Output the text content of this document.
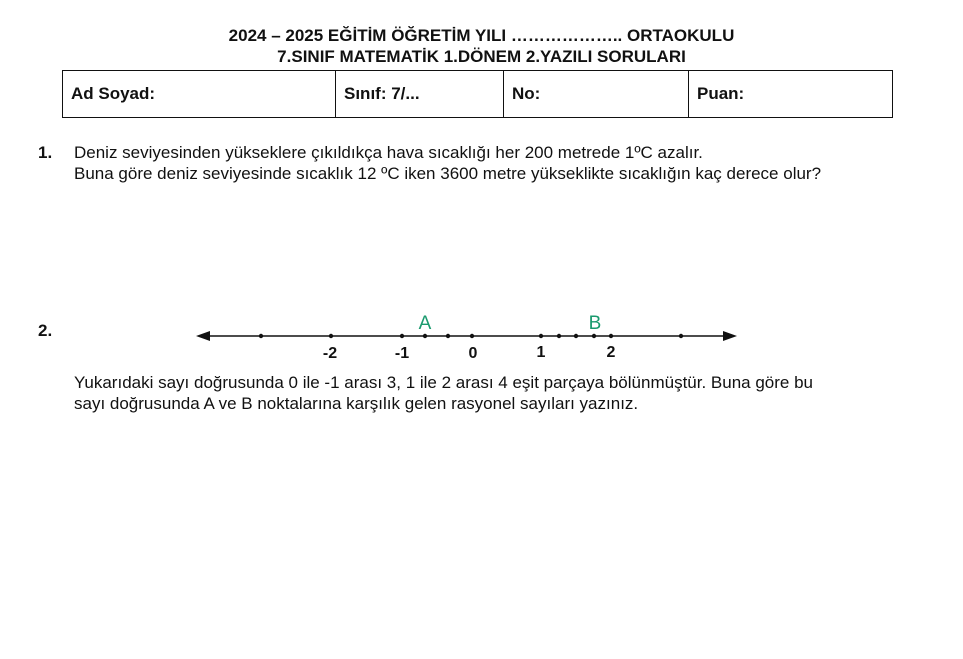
2024 – 2025 EĞİTİM ÖĞRETİM YILI ……………….. ORTAOKULU
7.SINIF MATEMATİK 1.DÖNEM 2.YAZILI SORULARI
Ad Soyad:	Sınıf: 7/...	No:	Puan:
1. Deniz seviyesinden yükseklere çıkıldıkça hava sıcaklığı her 200 metrede 1ºC azalır.
Buna göre deniz seviyesinde sıcaklık 12 ºC iken 3600 metre yükseklikte sıcaklığın kaç derece olur?
2.	A	B
-2	-1	0	1	2
Yukarıdaki sayı doğrusunda 0 ile -1 arası 3, 1 ile 2 arası 4 eşit parçaya bölünmüştür. Buna göre bu
sayı doğrusunda A ve B noktalarına karşılık gelen rasyonel sayıları yazınız.
